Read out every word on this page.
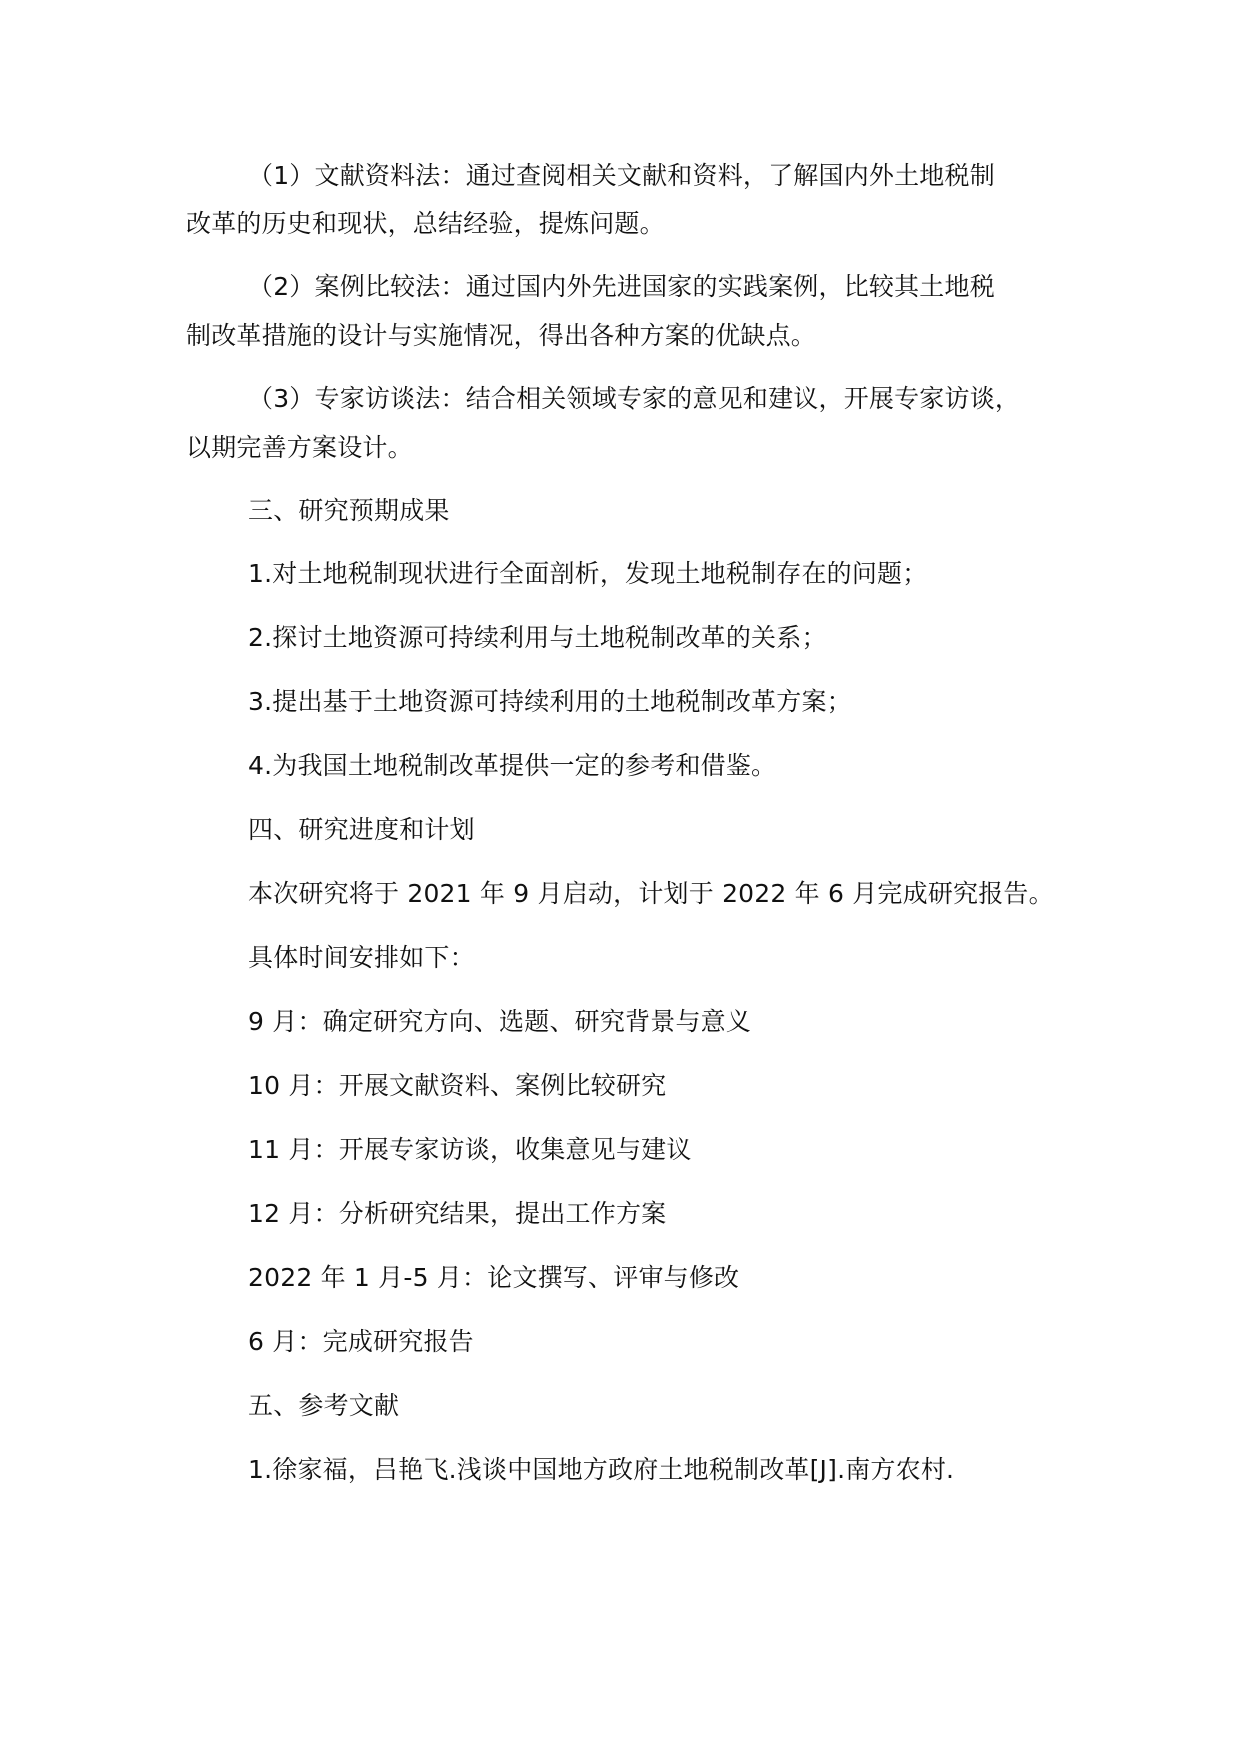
（1）文献资料法：通过查阅相关文献和资料，了解国内外土地税制
改革的历史和现状，总结经验，提炼问题。
（2）案例比较法：通过国内外先进国家的实践案例，比较其土地税
制改革措施的设计与实施情况，得出各种方案的优缺点。
（3）专家访谈法：结合相关领域专家的意见和建议，开展专家访谈，
以期完善方案设计。
三、研究预期成果
1.对土地税制现状进行全面剖析，发现土地税制存在的问题；
2.探讨土地资源可持续利用与土地税制改革的关系；
3.提出基于土地资源可持续利用的土地税制改革方案；
4.为我国土地税制改革提供一定的参考和借鉴。
四、研究进度和计划
本次研究将于 2021 年 9 月启动，计划于 2022 年 6 月完成研究报告。
具体时间安排如下：
9 月：确定研究方向、选题、研究背景与意义
10 月：开展文献资料、案例比较研究
11 月：开展专家访谈，收集意见与建议
12 月：分析研究结果，提出工作方案
2022 年 1 月-5 月：论文撰写、评审与修改
6 月：完成研究报告
五、参考文献
1.徐家福，吕艳飞.浅谈中国地方政府土地税制改革[J].南方农村.
